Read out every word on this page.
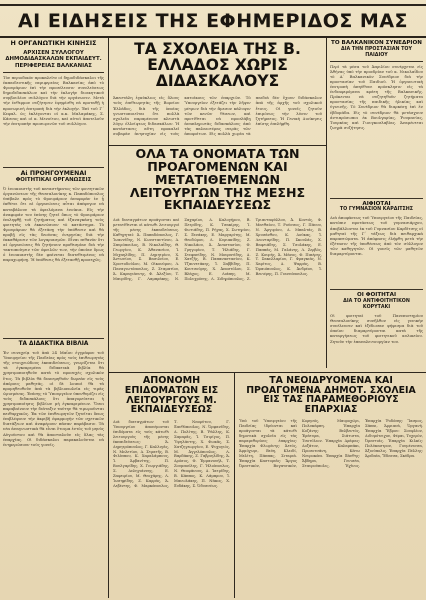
ΑΙ ΕΙΔΗΣΕΙΣ ΤΗΣ ΕΦΗΜΕΡΙΔΟΣ ΜΑΣ
Η ΟΡΓΑΝΩΤΙΚΗ ΚΙΝΗΣΙΣ
ΑΡΧΙΣΕΝ ΣΥΛΛΟΓΟΥ ΔΗΜΟΔΙΔΑΣΚΑΛΩΝ ΕΚΠΑΙΔΕΥΤ. ΠΕΡΙΦΕΡΕΙΑΣ ΒΑΛΚΑΝΙΑΣ
Τὸν περιοδικόν προκαλεῖτε οἱ δημοδιδάσκαλοι τῆς ἐκπαιδευτικῆς περιφερείας Βαλκανίας ἀπὸ τὸ Φρουράριον ἐπὶ τὴν προσέλευσιν συνελεύσεως δημοδιδασκάλων καὶ τὴν ἐκλογὴν διοικητικοῦ συμβουλίου συλλόγου διὰ τὴν οργάνωσιν. Μετὰ τὴν ἐνθερμον συζήτησιν ἐψηφίσθη νὰ προταθῇ ἡ προσωρινὴ ἐπιτροπὴ διὰ τὴν ἐκλογήν. Ἐπὶ τοῦ Γ΄ Κεφαλ. ὡς ἐκλέγονται οἱ κ.κ. Μαλαμάκης, Σ. Κάσσος καὶ οἱ κ. Μενοίτου, καὶ αὐτοὶ ἀποτελοῦν τὴν ἐπιτροπὴν προσωρινῶν τοῦ συλλόγου.
Αἱ ΠΡΟΗΓΟΥΜΕΝΑΙ
ΦΟΙΤΗΤΙΚΑΙ ΟΡΓΑΝΩΣΕΙΣ
Ὁ ἐνοικιαστὴς τοῦ καταστήματος τῶν φοιτητικῶν ὀργανώσεων τῆς Θεσσαλονίκης κ. Παπαδόπουλος ὑπέβαλε πρὸς τὸ Φρουράριον ἀναφοράν ἐν ᾗ ἐκθέτει ὅτι αἱ ὀργανώσεις αὗται ἀπέφυγον νὰ καταβάλουν τὰ ὀφειλόμενα ἐνοίκια. Εἰς τὴν ἀναφοράν του ἐπίσης ζητεῖ ὅπως τὸ Φρουράριον ἐπιληφθῇ τοῦ ζητήματος καὶ ἐξαναγκάσῃ τοὺς φοιτητὰς νὰ ἐκκενώσουν τὸ κατάστημα. Τὸ Φρουράριον θὰ ἐξετάσῃ τὴν ὑπόθεσιν καὶ θὰ προβῇ εἰς τὰς δεούσας ἐνεργείας διὰ τὴν ἐκκαθάρισιν τῶν λογαριασμῶν. Εἶναι πιθανὸν ὅτι αἱ ὀργανώσεις θὰ ζητήσουν προθεσμίαν διὰ τὴν τακτοποίησιν τῶν ὀφειλῶν των, τὴν ὁποίαν ὅμως ὁ ἐνοικιαστὴς δὲν φαίνεται διατεθειμένος νὰ παραχωρήσῃ. Ἡ ὑπόθεσις θὰ ἐξετασθῇ προσεχῶς.
ΤΑ ΔΙΔΑΚΤΙΚΑ ΒΙΒΛΙΑ
Ἐν συνεχείᾳ τοῦ ἀπὸ 24 Μαΐου ἐγγράφου τοῦ Ὑπουργείου τῆς Παιδείας πρὸς τοὺς ἐπιθεωρητὰς τῆς στοιχειώδους ἐκπαιδεύσεως, γνωρίζεται ὅτι τὰ ἐγκεκριμένα διδακτικὰ βιβλία θὰ χρησιμοποιηθοῦν κατὰ τὸ προσεχὲς σχολικὸν ἔτος. Τὰ βιβλία θὰ διανεμηθοῦν δωρεὰν εἰς τοὺς ἀπόρους μαθητάς, οἱ δὲ λοιποὶ θὰ τὰ προμηθευθοῦν ἀπὸ τὰ βιβλιοπωλεῖα εἰς τιμὰς ὡρισμένας. Ἐπίσης τὸ Ὑπουργεῖον ὑπενθυμίζει εἰς τοὺς διδασκάλους ὅτι ἀπαγορεύεται ἡ χρησιμοποίησις βιβλίων μὴ ἐγκεκριμένων. Ὅσοι παραβαίνουν τὴν διάταξιν ταύτην θὰ τιμωροῦνται πειθαρχικῶς. Ἐκ τῶν ἐπιθεωρητῶν ζητεῖται ὅπως ἐπιβλέψουν τὴν ἀκριβῆ ἐφαρμογὴν τῶν σχετικῶν διατάξεων καὶ ἀναφέρουν πᾶσαν παράβασιν. Τὰ νέα ἀναγνωστικὰ θὰ εἶναι ἕτοιμα ἐντὸς τοῦ μηνὸς Αὐγούστου καὶ θὰ ἀποσταλοῦν εἰς ὅλας τὰς ἐπαρχίας. Οἱ διδάσκαλοι παρακαλοῦνται νὰ ἐνημερώσουν τοὺς γονεῖς.
ΤΑ ΣΧΟΛΕΙΑ ΤΗΣ Β. ΕΛΛΑΔΟΣ ΧΩΡΙΣ ΔΙΔΑΣΚΑΛΟΥΣ
Ἀπεστάλη ἐγκύκλιος εἰς ὅλους τοὺς ἐπιθεωρητὰς τῆς Βορείου Ἑλλάδος, διὰ τῆς ὁποίας γνωστοποιεῖται ὅτι πολλὰ σχολεῖα παραμένουν κλειστὰ λόγῳ ἐλλείψεως διδασκάλων. Ἡ κατάστασις αὕτη προκαλεῖ σοβαρὰν ἀνησυχίαν εἰς τοὺς κατοίκους τῶν ἐπαρχιῶν. Τὸ Ὑπουργεῖον ἐξετάζει τὴν λῆψιν μέτρων διὰ τὴν ἄμεσον κάλυψιν τῶν κενῶν θέσεων, καὶ προτίθεται νὰ προσλάβῃ ἀναπληρωτὰς διδασκάλους ἀπὸ τὰς παλαιοτέρας σειρὰς τῶν ἀποφοίτων. Εἰς πολλὰ χωρία τὰ παιδιὰ δὲν ἔχουν διδάσκαλον ἀπὸ τῆς ἀρχῆς τοῦ σχολικοῦ ἔτους. Οἱ γονεῖς ζητοῦν ἐπιμόνως τὴν λύσιν τοῦ ζητήματος. Ἡ Γενικὴ Διοίκησις ἐπίσης ἐπελήφθη.
ΟΛΑ ΤΑ ΟΝΟΜΑΤΑ ΤΩΝ ΠΡΟΑΓΟΜΕΝΩΝ ΚΑΙ ΜΕΤΑΤΙΘΕΜΕΝΩΝ ΛΕΙΤΟΥΡΓΩΝ ΤΗΣ ΜΕΣΗΣ ΕΚΠΑΙΔΕΥΣΕΩΣ
Διὰ διαταγμάτων προάγονται καὶ μετατίθενται οἱ κάτωθι λειτουργοὶ τῆς μέσης ἐκπαιδεύσεως. Καθηγηταί: Ἀ. Παπαδόπουλος, Γ. Ἰωαννίδης, Ν. Κωνσταντίνου, Δ. Σπυρόπουλος, Β. Νικολαΐδης, Θ. Γεωργίου, Κ. Ἀθανασίου, Ἰ. Μιχαηλίδης, Π. Δημητρίου, Χ. Ἀντωνίου, Σ. Βασιλείου, Ε. Χριστοδούλου, Μ. Οἰκονόμου, Λ. Παναγιωτόπουλος, Ζ. Σταματίου, Ἀ. Καραγιάννης, Φ. Ἀλεξίου, Τ. Μαυρίδης, Γ. Λαμπράκης, Ν. Ζαχαρίου, Δ. Καλογήρου, Β. Πετρίδης, Κ. Τσακίρης, Ἰ. Φωτιάδης, Π. Ρήγας, Χ. Σωτηρίου, Σ. Ξενάκης, Ε. Μαργαρίτης, Μ. Θεοδώρου, Λ. Κυριακίδης, Ζ. Νικολάου, Ἀ. Ἀναστασίου, Φ. Γρηγορίου, Τ. Ἠλιάδης, Γ. Στεφανίδης, Ν. Μουρατίδης, Δ. Χατζῆς, Β. Παπαναστασίου, Κ. Τζαννετάκης, Ἰ. Σαββίδης, Π. Κουτσούρης, Χ. Ἀποστόλου, Σ. Βλάχος, Ε. Λιάπης, Μ. Πολυχρόνης, Λ. Σιδηρόπουλος, Ζ. Τριανταφύλλου, Ἀ. Κοντός, Φ. Ματθαίου, Τ. Ρούσσος, Γ. Πάνου, Ν. Ἀργυρίου, Δ. Μπαλτάς, Β. Χρυσάνθου, Κ. Δούκας, Ἰ. Λεονταρίδης, Π. Σκουλάς, Χ. Βαφειάδης, Σ. Τσολάκης, Ε. Παππᾶς, Μ. Γαλάνης, Λ. Ζερβός, Ζ. Κουρής, Ἀ. Μάνος, Φ. Πιπέρης, Τ. Σακελλαρίου, Γ. Φραγκιάς, Ν. Χαρίτος, Δ. Ψαρράς, Β. Ὠραιόπουλος, Κ. Ἀνδρέου, Ἰ. Βενιέρης, Π. Γιαννόπουλος.
ΤΟ ΒΑΛΚΑΝΙΚΟΝ ΣΥΝΕΔΡΙΟΝ
ΔΙΑ ΤΗΝ ΠΡΟΣΤΑΣΙΑΝ ΤΟΥ ΠΑΙΔΙΟΥ
Περὶ τὰ μέσα τοῦ Ἀπριλίου συνέρχεται εἰς Ἀθήνας ὑπὸ τὴν προεδρίαν τοῦ κ. Νικολαΐδου τὸ Α΄ Βαλκανικὸν Συνέδριον διὰ τὴν προστασίαν τοῦ Παιδιοῦ. Ἡ ὀργανωτικὴ ἐπιτροπὴ ἀπηύθυνε πρόσκλησιν εἰς τὰ ἐνδιαφερόμενα κράτη τῆς Βαλκανικῆς. Πρόκειται νὰ συζητηθοῦν ζητήματα προστασίας τῆς παιδικῆς ἡλικίας καὶ ὑγιεινῆς. Τὸ Συνέδριον θὰ διαρκέσῃ ἐπὶ ἓν ἑβδομάδα. Εἰς τὸ συνέδριον θὰ μετάσχουν ἀντιπρόσωποι ἐκ Βουλγαρίας, Ῥουμανίας, Τουρκίας καὶ Γιουγκοσλαβίας. Ἀναμένεται ζωηρὰ συζήτησις.
ΑΙΦΙΟΤΑΙ
ΤΟ ΓΥΜΝΑΣΙΟΝ ΚΑΡΔΙΤΣΗΣ
Διὰ ἀποφάσεως τοῦ Ὑπουργείου τῆς Παιδείας, κατόπιν προτάσεως τοῦ γυμνασιάρχου, ἀποβάλλονται ἐκ τοῦ Γυμνασίου Καρδίτσης οἱ μαθηταὶ τῆς Γ΄ τάξεως διὰ πειθαρχικὰ παραπτώματα. Ἡ ἀπόφασις ἐλήφθη μετὰ τὴν ἐξέτασιν τῆς ὑποθέσεως ἀπὸ τὸν σύλλογον τῶν καθηγητῶν. Οἱ γονεῖς τῶν μαθητῶν διαμαρτύρονται.
ΟΙ ΦΟΙΤΗΤΑΙ
ΔΙΑ ΤΟ ΑΝΤΙΦΟΙΤΗΤΙΚΟΝ ΚΟΡΥΤΑΚΙ
Οἱ φοιτηταὶ τοῦ Πανεπιστημίου Θεσσαλονίκης συνῆλθον εἰς γενικὴν συνέλευσιν καὶ ἐξέδωσαν ψήφισμα διὰ τοῦ ὁποίου διαμαρτύρονται κατὰ τῆς καταργήσεως τοῦ φοιτητικοῦ κυλικείου. Ζητοῦν τὴν ἐπαναλειτουργίαν του.
ΑΠΟΝΟΜΗ ΕΠΙΔΟΜΑΤΩΝ ΕΙΣ ΛΕΙΤΟΥΡΓΟΥΣ Μ. ΕΚΠΑΙΔΕΥΣΕΩΣ
Διὰ διαταγμάτων τοῦ Ὑπουργείου ἀπονέμονται ἐπιδόματα εἰς τοὺς κάτωθι λειτουργοὺς τῆς μέσης ἐκπαιδεύσεως: Ἀ. Δημητρόπουλος, Γ. Καλλιγᾶς, Ν. Μελετίου, Δ. Στρατῆς, Β. Φιλίππου, Κ. Χαραλάμπους, Ἰ. Ἀρβανίτης, Π. Βουλγαρίδης, Χ. Γεωργιάδης, Σ. Δεληγιάννης, Ε. Ζαφειρίου, Μ. Θεοχάρης, Λ. Ἰωσηφίδης, Ζ. Καρράς, Ἀ. Λεβέντης, Φ. Μαρκόπουλος, Τ. Νεοφύτου, Γ. Ξανθόπουλος, Ν. Ὀρφανίδης, Δ. Πολίτης, Β. Ῥάλλης, Κ. Σαμαρᾶς, Ἰ. Τσιρίγος, Π. Ὑψηλάντης, Χ. Φωκᾶς, Σ. Χατζηγεωργίου, Ε. Ψυχογιός, Μ. Ἀγγελόπουλος, Λ. Βαρδάκης, Ζ. Γαβριηλίδης, Ἀ. Δρόσος, Φ. Ἐμμανουήλ, Τ. Ζουμπούλης, Γ. Ἡλιόπουλος, Ν. Θεοφάνους, Δ. Ἰατρίδης, Β. Κάππος, Κ. Λάμπρου, Ἰ. Μανωλάκης, Π. Νάκος, Χ. Ξυδάκης, Σ. Ὀδυσσέως.
ΤΑ ΝΕΟΙΔΡΥΟΜΕΝΑ ΚΑΙ ΠΡΟΑΓΟΜΕΝΑ ΔΗΜΟΤ. ΣΧΟΛΕΙΑ ΕΙΣ ΤΑΣ ΠΑΡΑΜΕΘΟΡΙΟΥΣ ΕΠΑΡΧΙΑΣ
Ὑπὸ τοῦ Ὑπουργείου τῆς Παιδείας ἱδρύονται καὶ προάγονται τὰ κάτωθι δημοτικὰ σχολεῖα εἰς τὰς παραμεθορίους ἐπαρχίας: Ἐπαρχία Φλωρίνης: Ἀετός, Ἀμμόχωρι, Βεύη, Κλειδί, Μελίτη, Πάππας, Σιταριά. Ἐπαρχία Καστοριᾶς: Ἄργος Ὀρεστικόν, Βογατσικόν, Κορησός, Μαυροχώρι, Πολυκάρπη. Ἐπαρχία Κοζάνης: Βελβεντός, Ἐράτυρα, Σιάτιστα, Τσοτύλιον. Ἐπαρχία Δράμας: Δοξάτον, Καλαμπάκι, Προσοτσάνη, Κάτω Νευροκόπι. Ἐπαρχία Ξάνθης: Ἄβδηρα, Γενισέα, Σταυρούπολις, Ἐχῖνος. Ἐπαρχία Ῥοδόπης: Ἴασμος, Σάπαι, Ἀρριανά, Ὀργανή. Ἐπαρχία Ἕβρου: Σουφλίον, Διδυμότειχον, Φέραι, Τυχερόν, Ὀρεστιάς. Ἐπαρχία Κιλκίς: Πολύκαστρον, Γουμένισσα, Ἀξιούπολις. Ἐπαρχία Πέλλης: Ἀριδαία, Ἔδεσσα, Σκύδρα.
